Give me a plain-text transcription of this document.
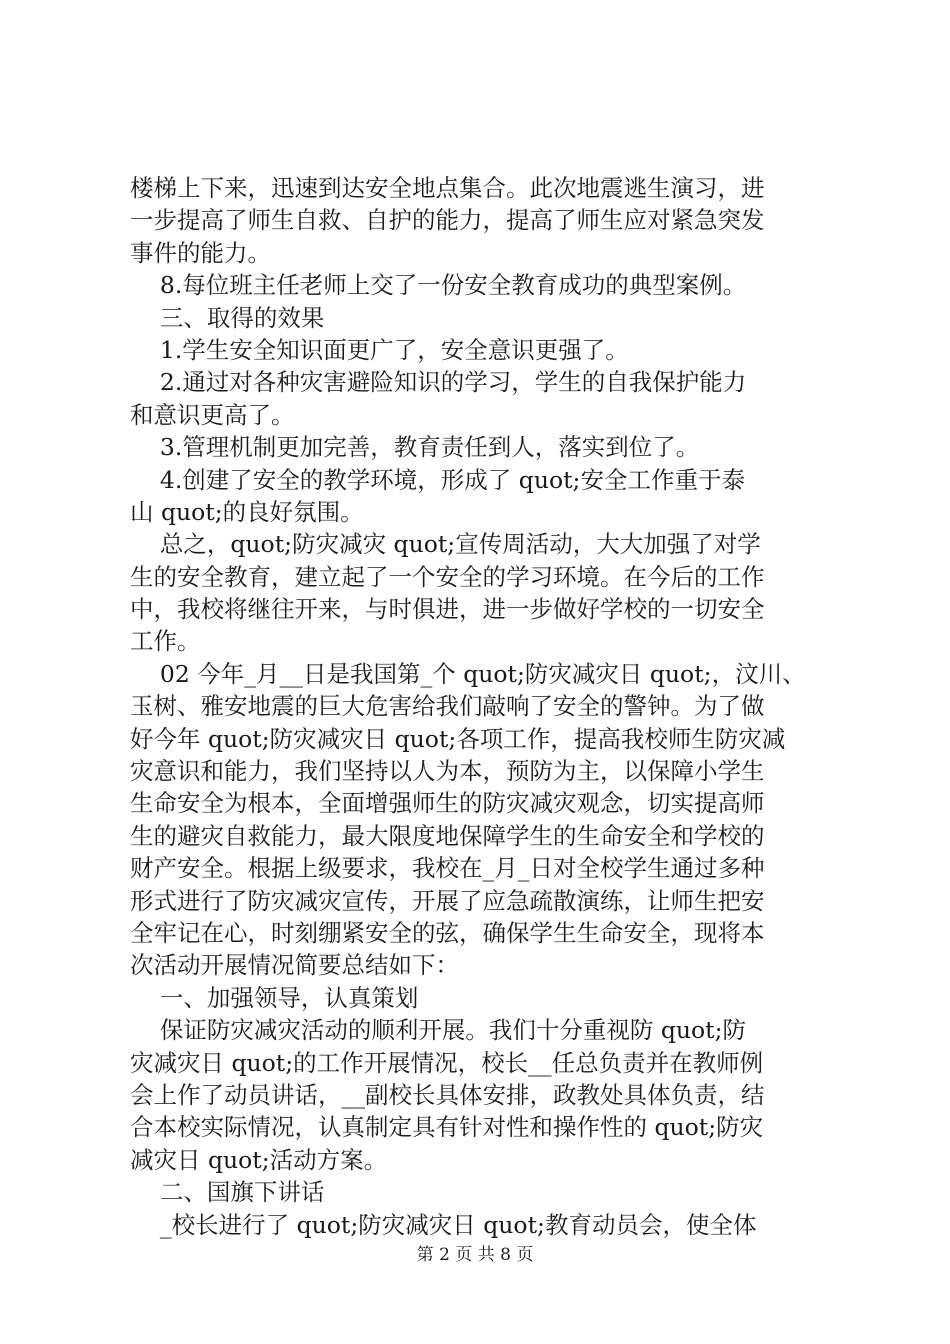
楼梯上下来，迅速到达安全地点集合。此次地震逃生演习，进
一步提高了师生自救、自护的能力，提高了师生应对紧急突发
事件的能力。
8.每位班主任老师上交了一份安全教育成功的典型案例。
三、取得的效果
1.学生安全知识面更广了，安全意识更强了。
2.通过对各种灾害避险知识的学习，学生的自我保护能力
和意识更高了。
3.管理机制更加完善，教育责任到人，落实到位了。
4.创建了安全的教学环境，形成了 quot;安全工作重于泰
山 quot;的良好氛围。
总之，quot;防灾减灾 quot;宣传周活动，大大加强了对学
生的安全教育，建立起了一个安全的学习环境。在今后的工作
中，我校将继往开来，与时俱进，进一步做好学校的一切安全
工作。
02 今年_月__日是我国第_个 quot;防灾减灾日 quot;，汶川、
玉树、雅安地震的巨大危害给我们敲响了安全的警钟。为了做
好今年 quot;防灾减灾日 quot;各项工作，提高我校师生防灾减
灾意识和能力，我们坚持以人为本，预防为主，以保障小学生
生命安全为根本，全面增强师生的防灾减灾观念，切实提高师
生的避灾自救能力，最大限度地保障学生的生命安全和学校的
财产安全。根据上级要求，我校在_月_日对全校学生通过多种
形式进行了防灾减灾宣传，开展了应急疏散演练，让师生把安
全牢记在心，时刻绷紧安全的弦，确保学生生命安全，现将本
次活动开展情况简要总结如下：
一、加强领导，认真策划
保证防灾减灾活动的顺利开展。我们十分重视防 quot;防
灾减灾日 quot;的工作开展情况，校长__任总负责并在教师例
会上作了动员讲话，__副校长具体安排，政教处具体负责，结
合本校实际情况，认真制定具有针对性和操作性的 quot;防灾
减灾日 quot;活动方案。
二、国旗下讲话
_校长进行了 quot;防灾减灾日 quot;教育动员会，使全体
第 2 页 共 8 页
